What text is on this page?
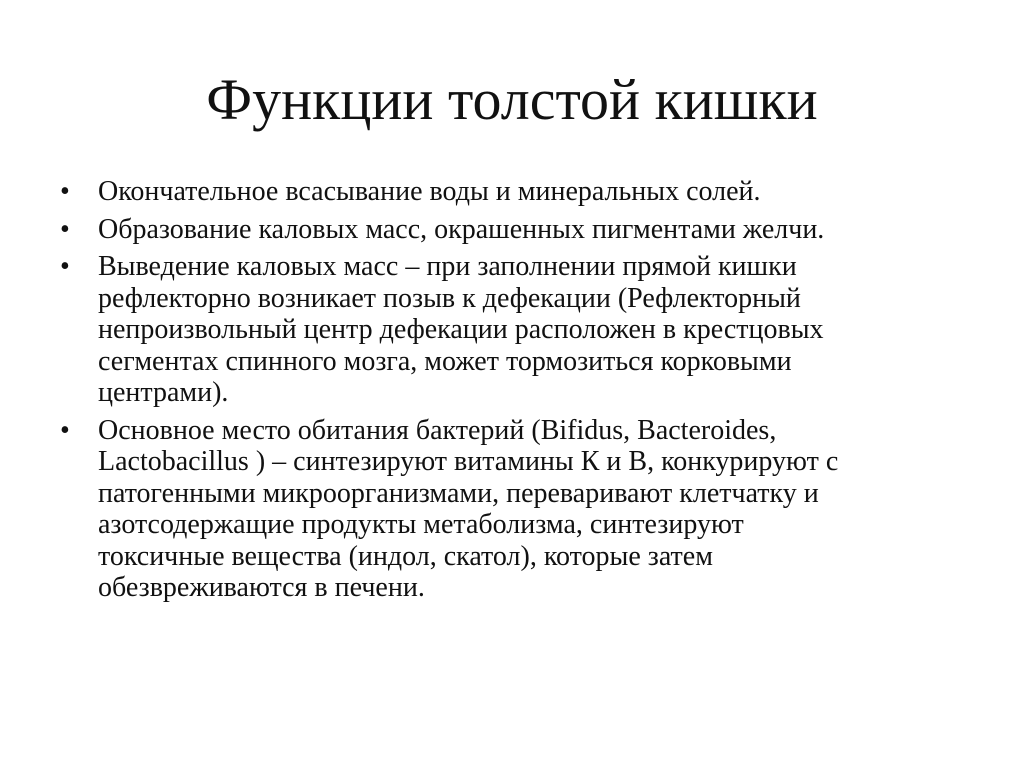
Функции толстой кишки
•	Окончательное всасывание воды и минеральных солей.
•	Образование каловых масс, окрашенных пигментами желчи.
•	Выведение каловых масс – при заполнении прямой кишки
рефлекторно возникает позыв к дефекации (Рефлекторный
непроизвольный центр дефекации расположен в крестцовых
сегментах спинного мозга, может тормозиться корковыми
центрами).
•	Основное место обитания бактерий (Bifidus, Bacteroides,
Lactobacillus ) – синтезируют витамины К и В, конкурируют с
патогенными микроорганизмами, переваривают клетчатку и
азотсодержащие продукты метаболизма, синтезируют
токсичные вещества (индол, скатол), которые затем
обезвреживаются в печени.
